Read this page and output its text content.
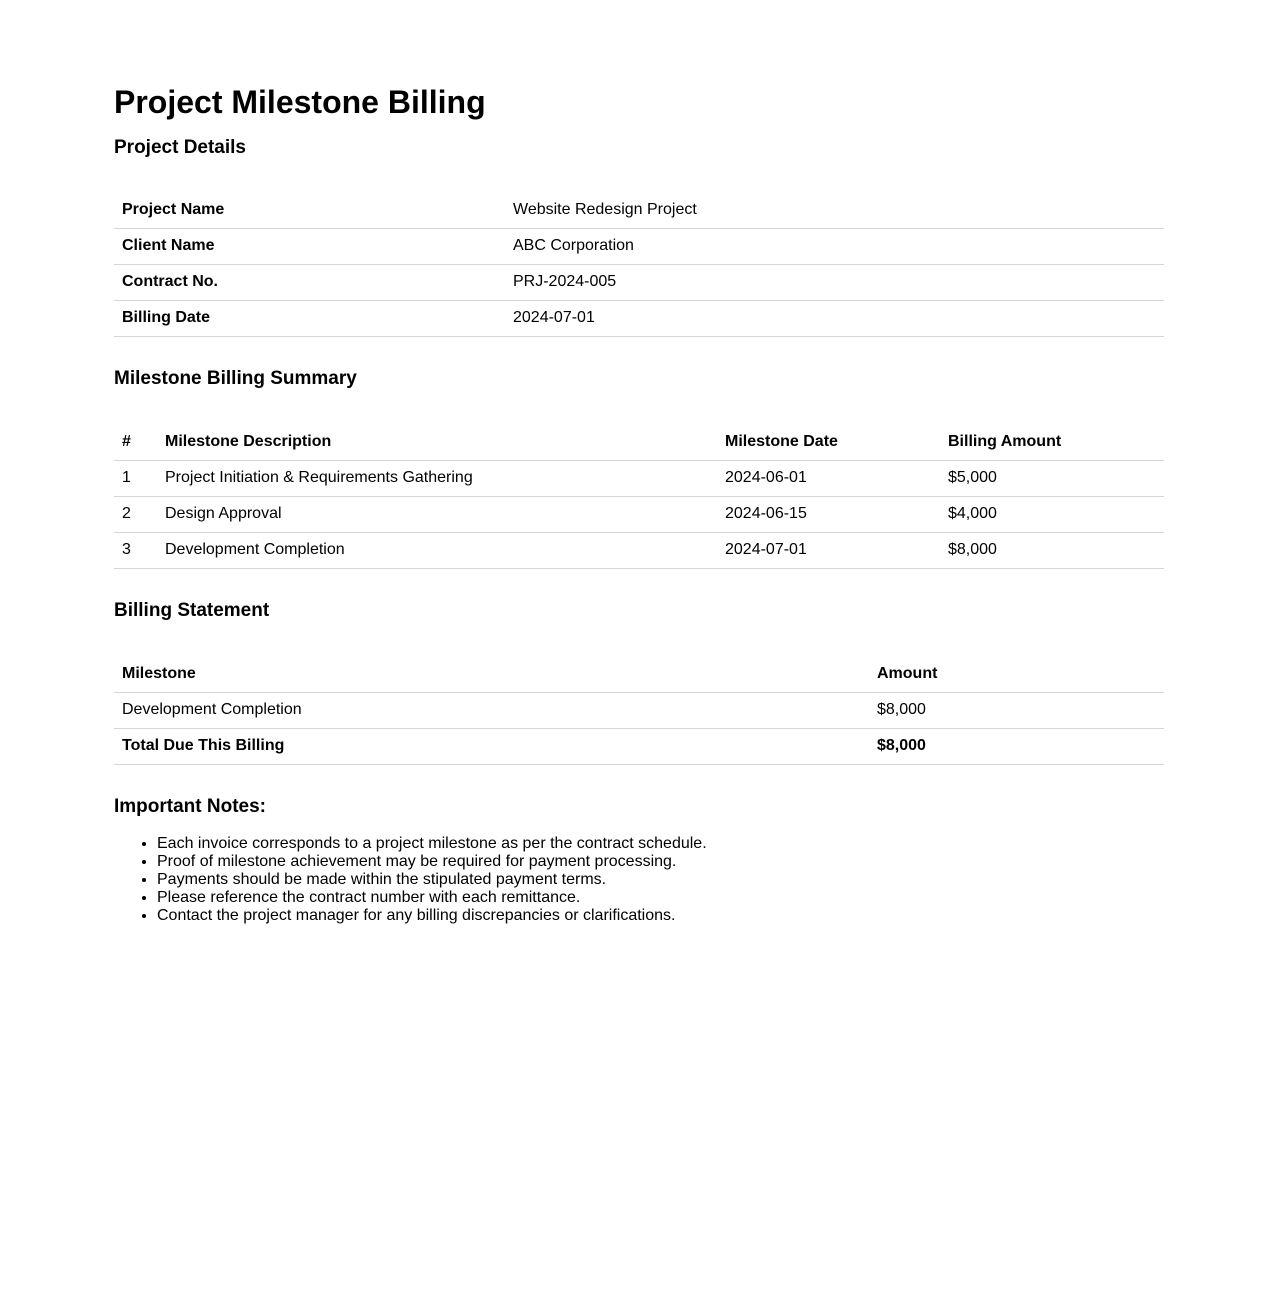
Project Milestone Billing
Project Details
Project Name	Website Redesign Project
Client Name	ABC Corporation
Contract No.	PRJ-2024-005
Billing Date	2024-07-01
Milestone Billing Summary
#	Milestone Description	Milestone Date	Billing Amount
1	Project Initiation & Requirements Gathering	2024-06-01	$5,000
2	Design Approval	2024-06-15	$4,000
3	Development Completion	2024-07-01	$8,000
Billing Statement
Milestone	Amount
Development Completion	$8,000
Total Due This Billing	$8,000
Important Notes:
• Each invoice corresponds to a project milestone as per the contract schedule.
• Proof of milestone achievement may be required for payment processing.
• Payments should be made within the stipulated payment terms.
• Please reference the contract number with each remittance.
• Contact the project manager for any billing discrepancies or clarifications.
